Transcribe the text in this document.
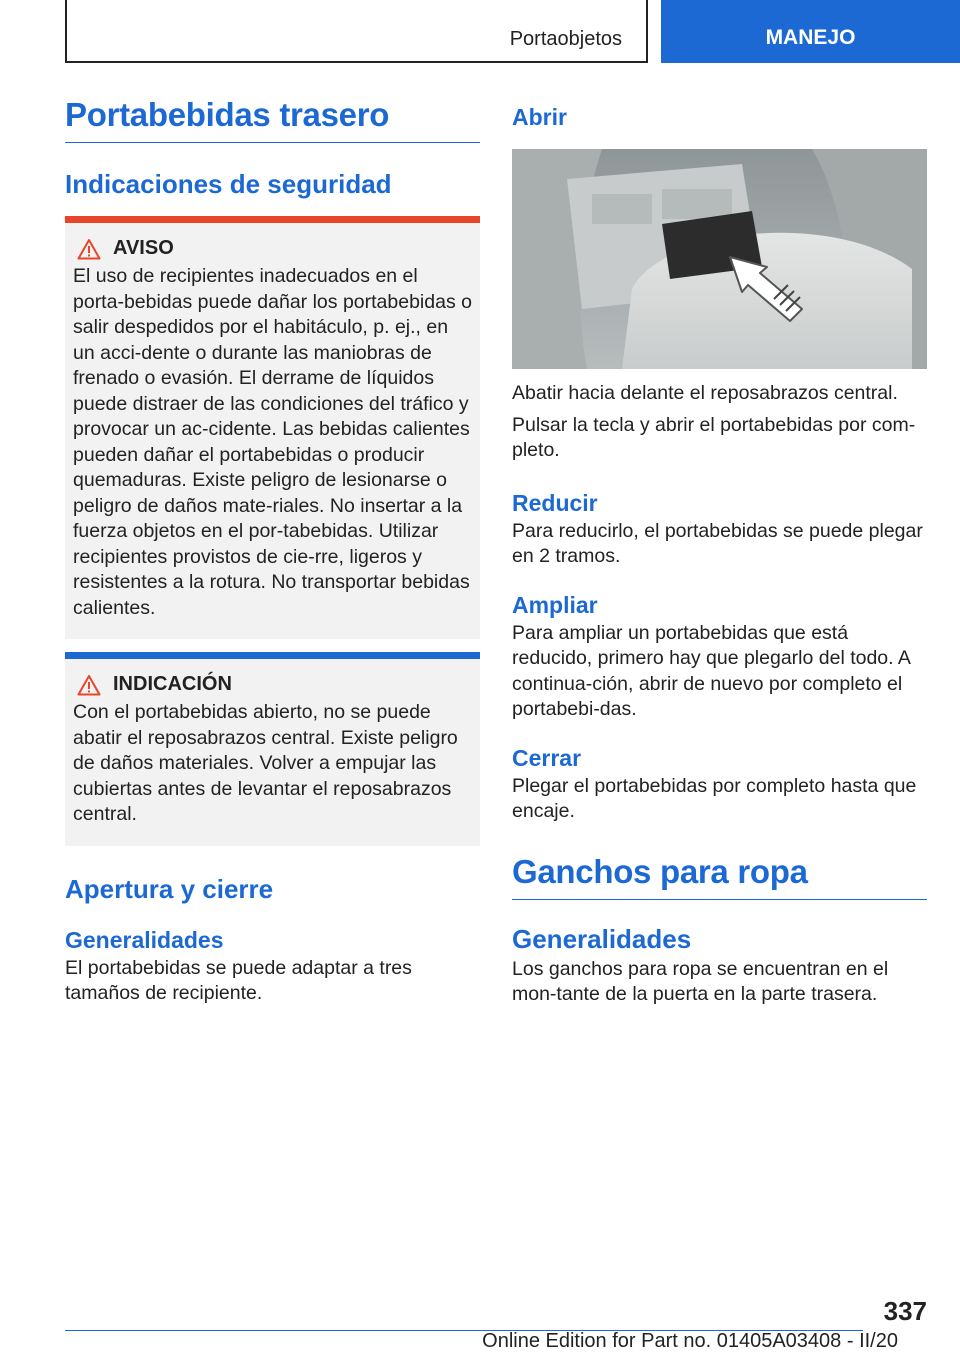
Portaobjetos	MANEJO
Portabebidas trasero
Indicaciones de seguridad
AVISO

El uso de recipientes inadecuados en el porta-bebidas puede dañar los portabebidas o salir despedidos por el habitáculo, p. ej., en un acci-dente o durante las maniobras de frenado o evasión. El derrame de líquidos puede distraer de las condiciones del tráfico y provocar un ac-cidente. Las bebidas calientes pueden dañar el portabebidas o producir quemaduras. Existe peligro de lesionarse o peligro de daños mate-riales. No insertar a la fuerza objetos en el por-tabebidas. Utilizar recipientes provistos de cie-rre, ligeros y resistentes a la rotura. No transportar bebidas calientes.

INDICACIÓN

Con el portabebidas abierto, no se puede abatir el reposabrazos central. Existe peligro de daños materiales. Volver a empujar las cubiertas antes de levantar el reposabrazos central.

Apertura y cierre
Generalidades

El portabebidas se puede adaptar a tres tamaños de recipiente.

Abrir

Abatir hacia delante el reposabrazos central.

Pulsar la tecla y abrir el portabebidas por com-pleto.

Reducir

Para reducirlo, el portabebidas se puede plegar en 2 tramos.

Ampliar

Para ampliar un portabebidas que está reducido, primero hay que plegarlo del todo. A continua-ción, abrir de nuevo por completo el portabebi-das.

Cerrar

Plegar el portabebidas por completo hasta que encaje.

Ganchos para ropa
Generalidades

Los ganchos para ropa se encuentran en el mon-tante de la puerta en la parte trasera.

337
Online Edition for Part no. 01405A03408 - II/20
